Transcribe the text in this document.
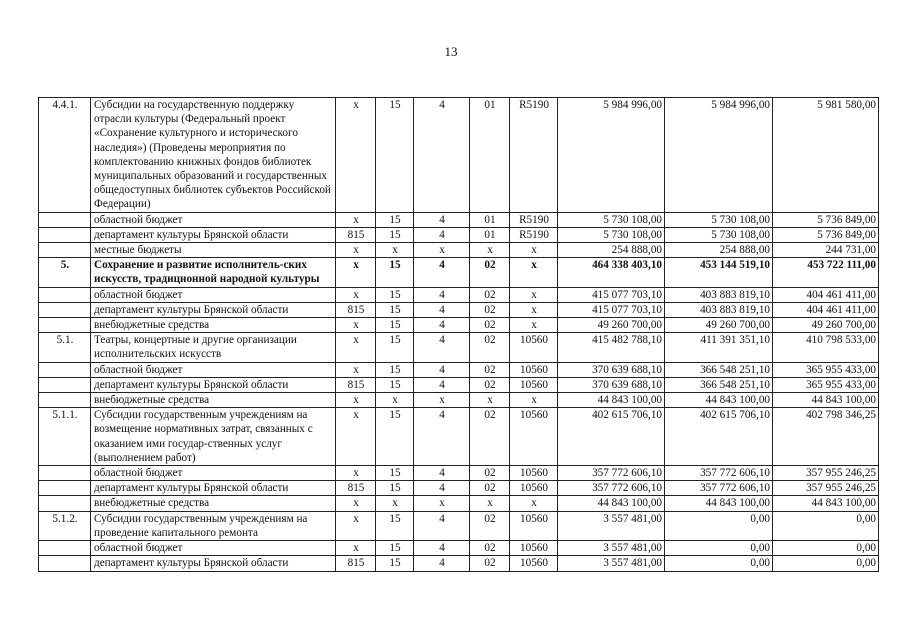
13
4.4.1.	Субсидии на государственную поддержку отрасли культуры (Федеральный проект «Сохранение культурного и исторического наследия») (Проведены мероприятия по комплектованию книжных фондов библиотек муниципальных образований и государственных общедоступных библиотек субъектов Российской Федерации)	х	15	4	01	R5190	5 984 996,00	5 984 996,00	5 981 580,00
	областной бюджет	х	15	4	01	R5190	5 730 108,00	5 730 108,00	5 736 849,00
	департамент культуры Брянской области	815	15	4	01	R5190	5 730 108,00	5 730 108,00	5 736 849,00
	местные бюджеты	х	х	х	х	х	254 888,00	254 888,00	244 731,00
5.	Сохранение и развитие исполнитель-ских искусств, традиционной народной культуры	х	15	4	02	х	464 338 403,10	453 144 519,10	453 722 111,00
	областной бюджет	х	15	4	02	х	415 077 703,10	403 883 819,10	404 461 411,00
	департамент культуры Брянской области	815	15	4	02	х	415 077 703,10	403 883 819,10	404 461 411,00
	внебюджетные средства	х	15	4	02	х	49 260 700,00	49 260 700,00	49 260 700,00
5.1.	Театры, концертные и другие организации исполнительских искусств	х	15	4	02	10560	415 482 788,10	411 391 351,10	410 798 533,00
	областной бюджет	х	15	4	02	10560	370 639 688,10	366 548 251,10	365 955 433,00
	департамент культуры Брянской области	815	15	4	02	10560	370 639 688,10	366 548 251,10	365 955 433,00
	внебюджетные средства	х	х	х	х	х	44 843 100,00	44 843 100,00	44 843 100,00
5.1.1.	Субсидии государственным учреждениям на возмещение нормативных затрат, связанных с оказанием ими государ-ственных услуг (выполнением работ)	х	15	4	02	10560	402 615 706,10	402 615 706,10	402 798 346,25
	областной бюджет	х	15	4	02	10560	357 772 606,10	357 772 606,10	357 955 246,25
	департамент культуры Брянской области	815	15	4	02	10560	357 772 606,10	357 772 606,10	357 955 246,25
	внебюджетные средства	х	х	х	х	х	44 843 100,00	44 843 100,00	44 843 100,00
5.1.2.	Субсидии государственным учреждениям на проведение капитального ремонта	х	15	4	02	10560	3 557 481,00	0,00	0,00
	областной бюджет	х	15	4	02	10560	3 557 481,00	0,00	0,00
	департамент культуры Брянской области	815	15	4	02	10560	3 557 481,00	0,00	0,00
